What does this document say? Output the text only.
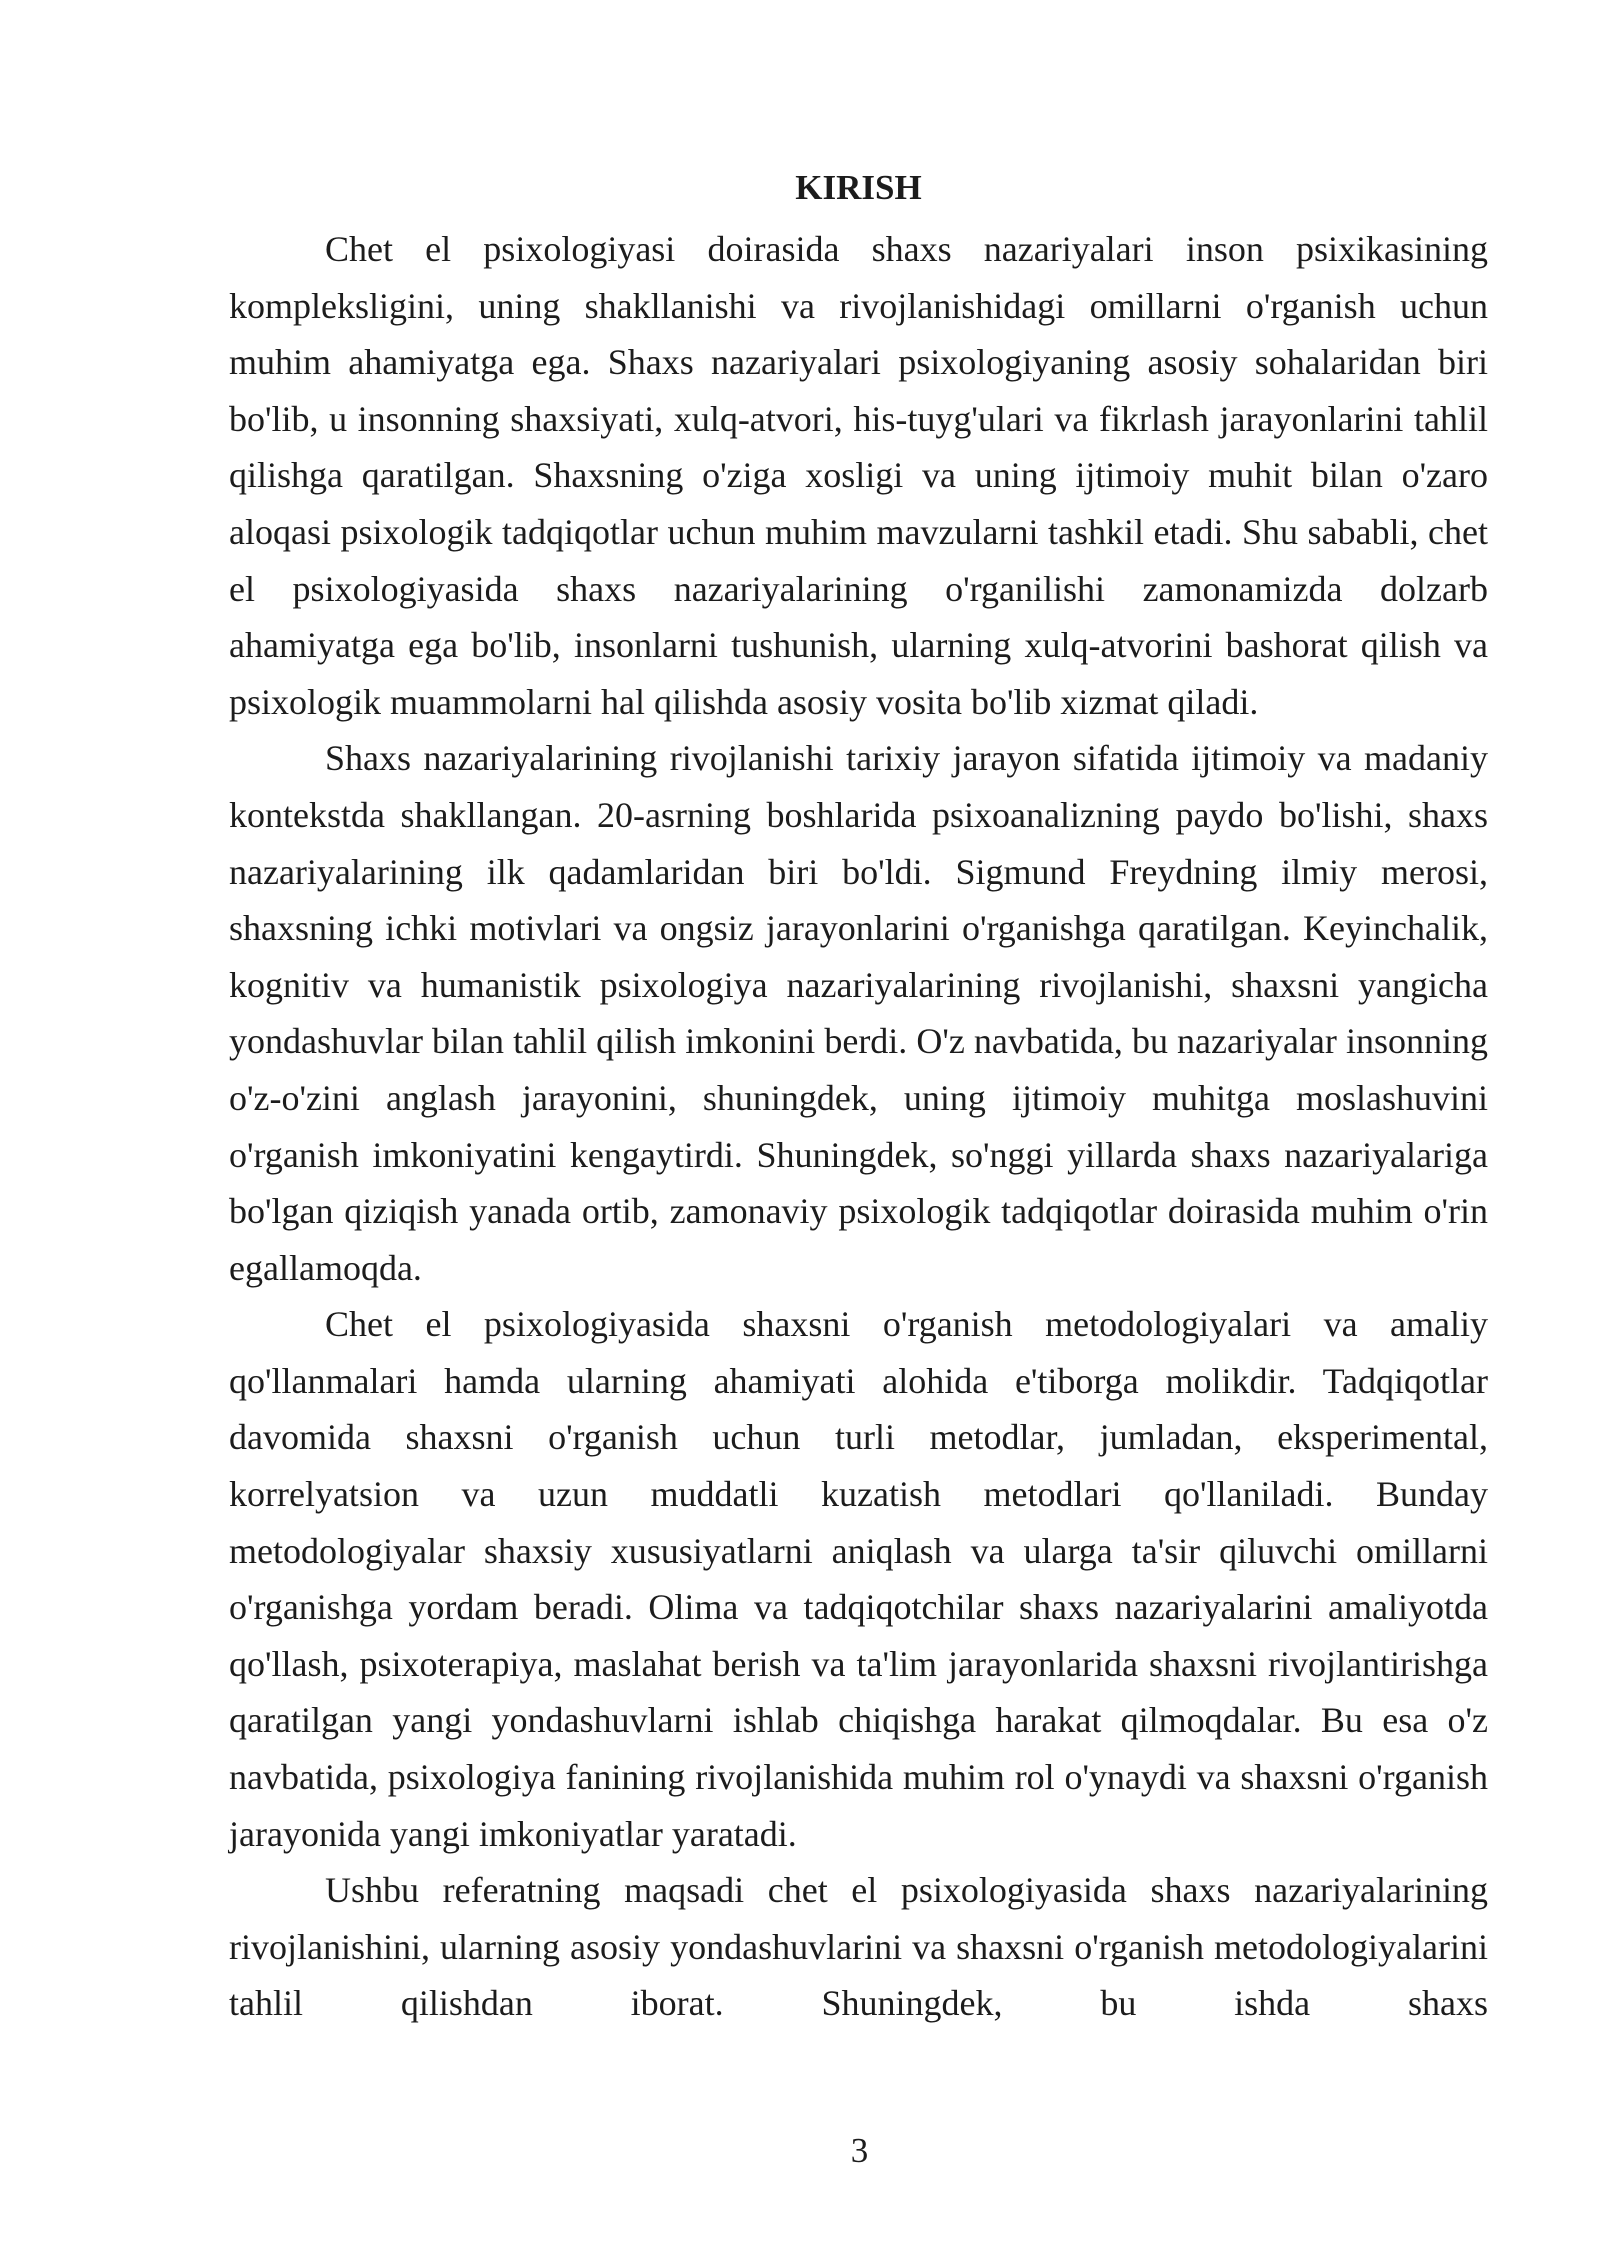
KIRISH

Chet el psixologiyasi doirasida shaxs nazariyalari inson psixikasining kompleksligini, uning shakllanishi va rivojlanishidagi omillarni o'rganish uchun muhim ahamiyatga ega. Shaxs nazariyalari psixologiyaning asosiy sohalaridan biri bo'lib, u insonning shaxsiyati, xulq-atvori, his-tuyg'ulari va fikrlash jarayonlarini tahlil qilishga qaratilgan. Shaxsning o'ziga xosligi va uning ijtimoiy muhit bilan o'zaro aloqasi psixologik tadqiqotlar uchun muhim mavzularni tashkil etadi. Shu sababli, chet el psixologiyasida shaxs nazariyalarining o'rganilishi zamonamizda dolzarb ahamiyatga ega bo'lib, insonlarni tushunish, ularning xulq-atvorini bashorat qilish va psixologik muammolarni hal qilishda asosiy vosita bo'lib xizmat qiladi.

Shaxs nazariyalarining rivojlanishi tarixiy jarayon sifatida ijtimoiy va madaniy kontekstda shakllangan. 20-asrning boshlarida psixoanalizning paydo bo'lishi, shaxs nazariyalarining ilk qadamlaridan biri bo'ldi. Sigmund Freydning ilmiy merosi, shaxsning ichki motivlari va ongsiz jarayonlarini o'rganishga qaratilgan. Keyinchalik, kognitiv va humanistik psixologiya nazariyalarining rivojlanishi, shaxsni yangicha yondashuvlar bilan tahlil qilish imkonini berdi. O'z navbatida, bu nazariyalar insonning o'z-o'zini anglash jarayonini, shuningdek, uning ijtimoiy muhitga moslashuvini o'rganish imkoniyatini kengaytirdi. Shuningdek, so'nggi yillarda shaxs nazariyalariga bo'lgan qiziqish yanada ortib, zamonaviy psixologik tadqiqotlar doirasida muhim o'rin egallamoqda.

Chet el psixologiyasida shaxsni o'rganish metodologiyalari va amaliy qo'llanmalari hamda ularning ahamiyati alohida e'tiborga molikdir. Tadqiqotlar davomida shaxsni o'rganish uchun turli metodlar, jumladan, eksperimental, korrelyatsion va uzun muddatli kuzatish metodlari qo'llaniladi. Bunday metodologiyalar shaxsiy xususiyatlarni aniqlash va ularga ta'sir qiluvchi omillarni o'rganishga yordam beradi. Olima va tadqiqotchilar shaxs nazariyalarini amaliyotda qo'llash, psixoterapiya, maslahat berish va ta'lim jarayonlarida shaxsni rivojlantirishga qaratilgan yangi yondashuvlarni ishlab chiqishga harakat qilmoqdalar. Bu esa o'z navbatida, psixologiya fanining rivojlanishida muhim rol o'ynaydi va shaxsni o'rganish jarayonida yangi imkoniyatlar yaratadi.

Ushbu referatning maqsadi chet el psixologiyasida shaxs nazariyalarining rivojlanishini, ularning asosiy yondashuvlarini va shaxsni o'rganish metodologiyalarini tahlil qilishdan iborat. Shuningdek, bu ishda shaxs

3
